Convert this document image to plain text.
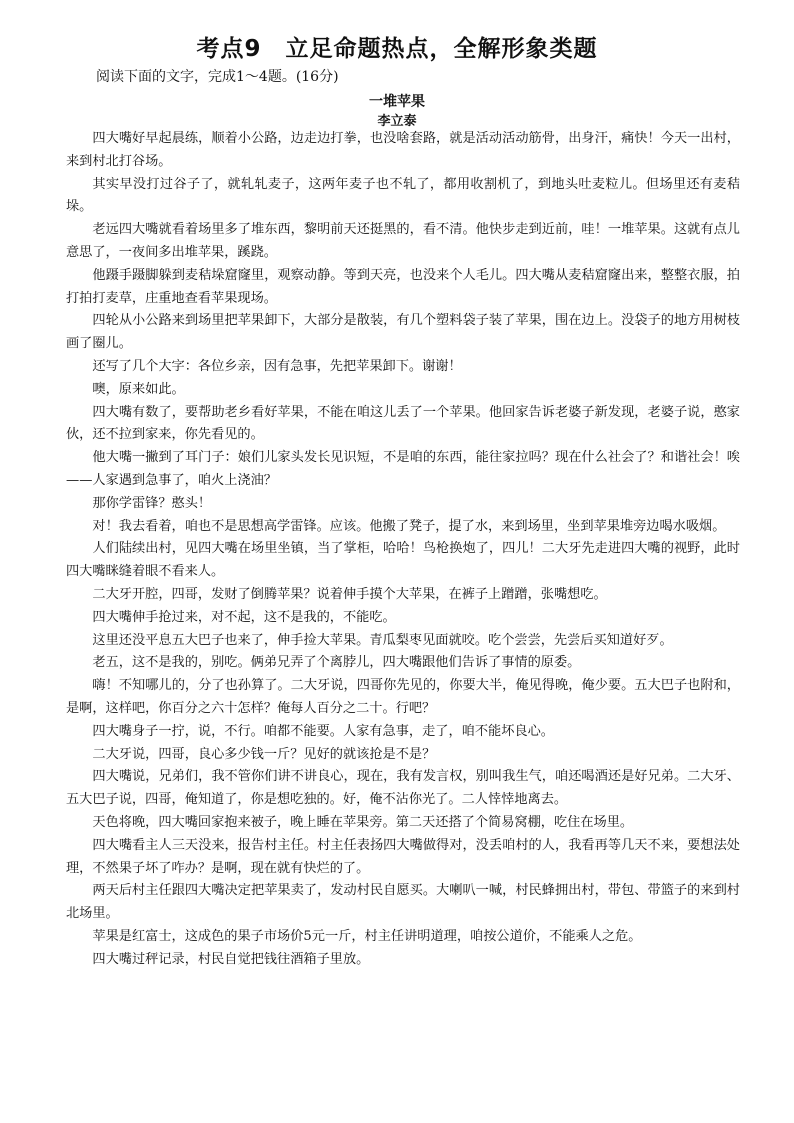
考点9　立足命题热点，全解形象类题
阅读下面的文字，完成1～4题。(16分)
一堆苹果
李立泰

四大嘴好早起晨练，顺着小公路，边走边打拳，也没啥套路，就是活动活动筋骨，出身汗，痛快！今天一出村，来到村北打谷场。

其实早没打过谷子了，就轧轧麦子，这两年麦子也不轧了，都用收割机了，到地头吐麦粒儿。但场里还有麦秸垛。

老远四大嘴就看着场里多了堆东西，黎明前天还挺黑的，看不清。他快步走到近前，哇！一堆苹果。这就有点儿意思了，一夜间多出堆苹果，蹊跷。

他蹑手蹑脚躲到麦秸垛窟窿里，观察动静。等到天亮，也没来个人毛儿。四大嘴从麦秸窟窿出来，整整衣服，拍打拍打麦草，庄重地查看苹果现场。

四轮从小公路来到场里把苹果卸下，大部分是散装，有几个塑料袋子装了苹果，围在边上。没袋子的地方用树枝画了圈儿。

还写了几个大字：各位乡亲，因有急事，先把苹果卸下。谢谢！

噢，原来如此。

四大嘴有数了，要帮助老乡看好苹果，不能在咱这儿丢了一个苹果。他回家告诉老婆子新发现，老婆子说，憨家伙，还不拉到家来，你先看见的。

他大嘴一撇到了耳门子：娘们儿家头发长见识短，不是咱的东西，能往家拉吗？现在什么社会了？和谐社会！唉——人家遇到急事了，咱火上浇油？

那你学雷锋？憨头！

对！我去看着，咱也不是思想高学雷锋。应该。他搬了凳子，提了水，来到场里，坐到苹果堆旁边喝水吸烟。

人们陆续出村，见四大嘴在场里坐镇，当了掌柜，哈哈！鸟枪换炮了，四儿！二大牙先走进四大嘴的视野，此时四大嘴眯缝着眼不看来人。

二大牙开腔，四哥，发财了倒腾苹果？说着伸手摸个大苹果，在裤子上蹭蹭，张嘴想吃。

四大嘴伸手抢过来，对不起，这不是我的，不能吃。

这里还没平息五大巴子也来了，伸手捡大苹果。青瓜梨枣见面就咬。吃个尝尝，先尝后买知道好歹。

老五，这不是我的，别吃。俩弟兄弄了个离脖儿，四大嘴跟他们告诉了事情的原委。

嗨！不知哪儿的，分了也孙算了。二大牙说，四哥你先见的，你要大半，俺见得晚，俺少要。五大巴子也附和，是啊，这样吧，你百分之六十怎样？俺每人百分之二十。行吧？

四大嘴身子一拧，说，不行。咱都不能要。人家有急事，走了，咱不能坏良心。

二大牙说，四哥，良心多少钱一斤？见好的就该抢是不是？

四大嘴说，兄弟们，我不管你们讲不讲良心，现在，我有发言权，别叫我生气，咱还喝酒还是好兄弟。二大牙、五大巴子说，四哥，俺知道了，你是想吃独的。好，俺不沾你光了。二人悻悻地离去。

天色将晚，四大嘴回家抱来被子，晚上睡在苹果旁。第二天还搭了个简易窝棚，吃住在场里。

四大嘴看主人三天没来，报告村主任。村主任表扬四大嘴做得对，没丢咱村的人，我看再等几天不来，要想法处理，不然果子坏了咋办？是啊，现在就有快烂的了。

两天后村主任跟四大嘴决定把苹果卖了，发动村民自愿买。大喇叭一喊，村民蜂拥出村，带包、带篮子的来到村北场里。

苹果是红富士，这成色的果子市场价5元一斤，村主任讲明道理，咱按公道价，不能乘人之危。

四大嘴过秤记录，村民自觉把钱往酒箱子里放。
